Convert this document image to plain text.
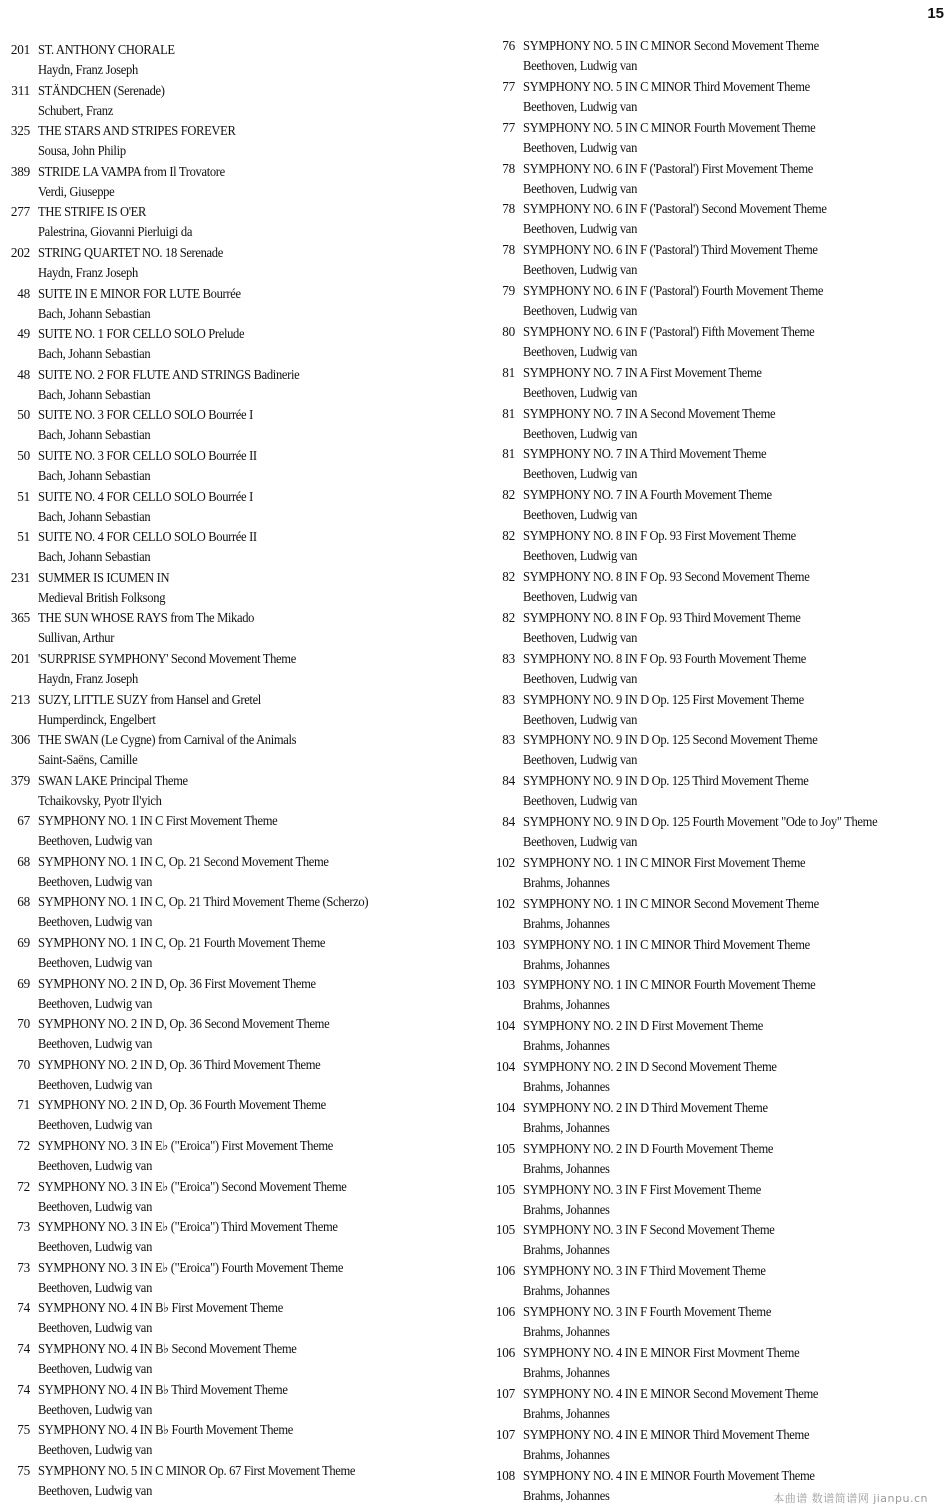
15
201 ST. ANTHONY CHORALE
Haydn, Franz Joseph
311 STÄNDCHEN (Serenade)
Schubert, Franz
325 THE STARS AND STRIPES FOREVER
Sousa, John Philip
389 STRIDE LA VAMPA from Il Trovatore
Verdi, Giuseppe
277 THE STRIFE IS O'ER
Palestrina, Giovanni Pierluigi da
202 STRING QUARTET NO. 18 Serenade
Haydn, Franz Joseph
48 SUITE IN E MINOR FOR LUTE Bourrée
Bach, Johann Sebastian
49 SUITE NO. 1 FOR CELLO SOLO Prelude
Bach, Johann Sebastian
48 SUITE NO. 2 FOR FLUTE AND STRINGS Badinerie
Bach, Johann Sebastian
50 SUITE NO. 3 FOR CELLO SOLO Bourrée I
Bach, Johann Sebastian
50 SUITE NO. 3 FOR CELLO SOLO Bourrée II
Bach, Johann Sebastian
51 SUITE NO. 4 FOR CELLO SOLO Bourrée I
Bach, Johann Sebastian
51 SUITE NO. 4 FOR CELLO SOLO Bourrée II
Bach, Johann Sebastian
231 SUMMER IS ICUMEN IN
Medieval British Folksong
365 THE SUN WHOSE RAYS from The Mikado
Sullivan, Arthur
201 'SURPRISE SYMPHONY' Second Movement Theme
Haydn, Franz Joseph
213 SUZY, LITTLE SUZY from Hansel and Gretel
Humperdinck, Engelbert
306 THE SWAN (Le Cygne) from Carnival of the Animals
Saint-Saëns, Camille
379 SWAN LAKE Principal Theme
Tchaikovsky, Pyotr Il'yich
67 SYMPHONY NO. 1 IN C First Movement Theme
Beethoven, Ludwig van
68 SYMPHONY NO. 1 IN C, Op. 21 Second Movement Theme
Beethoven, Ludwig van
68 SYMPHONY NO. 1 IN C, Op. 21 Third Movement Theme (Scherzo)
Beethoven, Ludwig van
69 SYMPHONY NO. 1 IN C, Op. 21 Fourth Movement Theme
Beethoven, Ludwig van
69 SYMPHONY NO. 2 IN D, Op. 36 First Movement Theme
Beethoven, Ludwig van
70 SYMPHONY NO. 2 IN D, Op. 36 Second Movement Theme
Beethoven, Ludwig van
70 SYMPHONY NO. 2 IN D, Op. 36 Third Movement Theme
Beethoven, Ludwig van
71 SYMPHONY NO. 2 IN D, Op. 36 Fourth Movement Theme
Beethoven, Ludwig van
72 SYMPHONY NO. 3 IN E♭ ("Eroica") First Movement Theme
Beethoven, Ludwig van
72 SYMPHONY NO. 3 IN E♭ ("Eroica") Second Movement Theme
Beethoven, Ludwig van
73 SYMPHONY NO. 3 IN E♭ ("Eroica") Third Movement Theme
Beethoven, Ludwig van
73 SYMPHONY NO. 3 IN E♭ ("Eroica") Fourth Movement Theme
Beethoven, Ludwig van
74 SYMPHONY NO. 4 IN B♭ First Movement Theme
Beethoven, Ludwig van
74 SYMPHONY NO. 4 IN B♭ Second Movement Theme
Beethoven, Ludwig van
74 SYMPHONY NO. 4 IN B♭ Third Movement Theme
Beethoven, Ludwig van
75 SYMPHONY NO. 4 IN B♭ Fourth Movement Theme
Beethoven, Ludwig van
75 SYMPHONY NO. 5 IN C MINOR Op. 67 First Movement Theme
Beethoven, Ludwig van
76 SYMPHONY NO. 5 IN C MINOR Second Movement Theme
Beethoven, Ludwig van
77 SYMPHONY NO. 5 IN C MINOR Third Movement Theme
Beethoven, Ludwig van
77 SYMPHONY NO. 5 IN C MINOR Fourth Movement Theme
Beethoven, Ludwig van
78 SYMPHONY NO. 6 IN F ('Pastoral') First Movement Theme
Beethoven, Ludwig van
78 SYMPHONY NO. 6 IN F ('Pastoral') Second Movement Theme
Beethoven, Ludwig van
78 SYMPHONY NO. 6 IN F ('Pastoral') Third Movement Theme
Beethoven, Ludwig van
79 SYMPHONY NO. 6 IN F ('Pastoral') Fourth Movement Theme
Beethoven, Ludwig van
80 SYMPHONY NO. 6 IN F ('Pastoral') Fifth Movement Theme
Beethoven, Ludwig van
81 SYMPHONY NO. 7 IN A First Movement Theme
Beethoven, Ludwig van
81 SYMPHONY NO. 7 IN A Second Movement Theme
Beethoven, Ludwig van
81 SYMPHONY NO. 7 IN A Third Movement Theme
Beethoven, Ludwig van
82 SYMPHONY NO. 7 IN A Fourth Movement Theme
Beethoven, Ludwig van
82 SYMPHONY NO. 8 IN F Op. 93 First Movement Theme
Beethoven, Ludwig van
82 SYMPHONY NO. 8 IN F Op. 93 Second Movement Theme
Beethoven, Ludwig van
82 SYMPHONY NO. 8 IN F Op. 93 Third Movement Theme
Beethoven, Ludwig van
83 SYMPHONY NO. 8 IN F Op. 93 Fourth Movement Theme
Beethoven, Ludwig van
83 SYMPHONY NO. 9 IN D Op. 125 First Movement Theme
Beethoven, Ludwig van
83 SYMPHONY NO. 9 IN D Op. 125 Second Movement Theme
Beethoven, Ludwig van
84 SYMPHONY NO. 9 IN D Op. 125 Third Movement Theme
Beethoven, Ludwig van
84 SYMPHONY NO. 9 IN D Op. 125 Fourth Movement "Ode to Joy" Theme
Beethoven, Ludwig van
102 SYMPHONY NO. 1 IN C MINOR First Movement Theme
Brahms, Johannes
102 SYMPHONY NO. 1 IN C MINOR Second Movement Theme
Brahms, Johannes
103 SYMPHONY NO. 1 IN C MINOR Third Movement Theme
Brahms, Johannes
103 SYMPHONY NO. 1 IN C MINOR Fourth Movement Theme
Brahms, Johannes
104 SYMPHONY NO. 2 IN D First Movement Theme
Brahms, Johannes
104 SYMPHONY NO. 2 IN D Second Movement Theme
Brahms, Johannes
104 SYMPHONY NO. 2 IN D Third Movement Theme
Brahms, Johannes
105 SYMPHONY NO. 2 IN D Fourth Movement Theme
Brahms, Johannes
105 SYMPHONY NO. 3 IN F First Movement Theme
Brahms, Johannes
105 SYMPHONY NO. 3 IN F Second Movement Theme
Brahms, Johannes
106 SYMPHONY NO. 3 IN F Third Movement Theme
Brahms, Johannes
106 SYMPHONY NO. 3 IN F Fourth Movement Theme
Brahms, Johannes
106 SYMPHONY NO. 4 IN E MINOR First Movment Theme
Brahms, Johannes
107 SYMPHONY NO. 4 IN E MINOR Second Movement Theme
Brahms, Johannes
107 SYMPHONY NO. 4 IN E MINOR Third Movement Theme
Brahms, Johannes
108 SYMPHONY NO. 4 IN E MINOR Fourth Movement Theme
Brahms, Johannes	本曲谱 数谱简谱网 jianpu.cn
